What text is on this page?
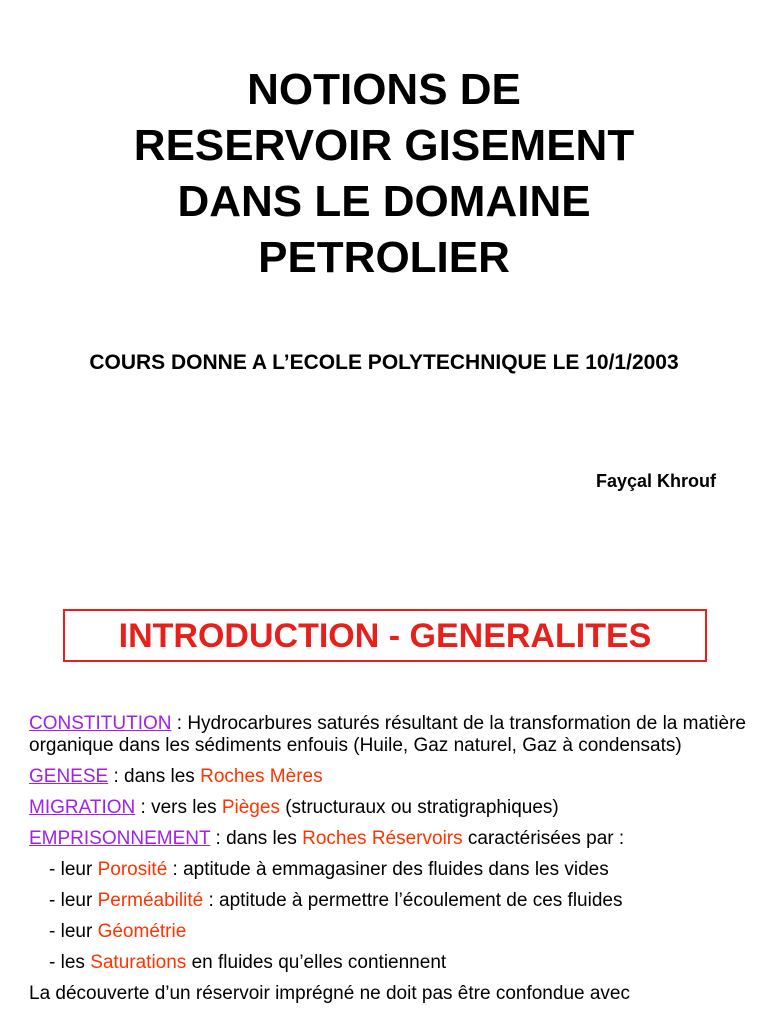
NOTIONS DE
RESERVOIR GISEMENT
DANS LE DOMAINE
PETROLIER
COURS DONNE A L’ECOLE POLYTECHNIQUE LE 10/1/2003
Fayçal Khrouf
INTRODUCTION - GENERALITES

CONSTITUTION : Hydrocarbures saturés résultant de la transformation de la matière organique dans les sédiments enfouis (Huile, Gaz naturel, Gaz à condensats)

GENESE : dans les Roches Mères

MIGRATION : vers les Pièges (structuraux ou stratigraphiques)

EMPRISONNEMENT : dans les Roches Réservoirs caractérisées par :

- leur Porosité : aptitude à emmagasiner des fluides dans les vides

- leur Perméabilité : aptitude à permettre l’écoulement de ces fluides

- leur Géométrie

- les Saturations en fluides qu’elles contiennent

La découverte d’un réservoir imprégné ne doit pas être confondue avec
